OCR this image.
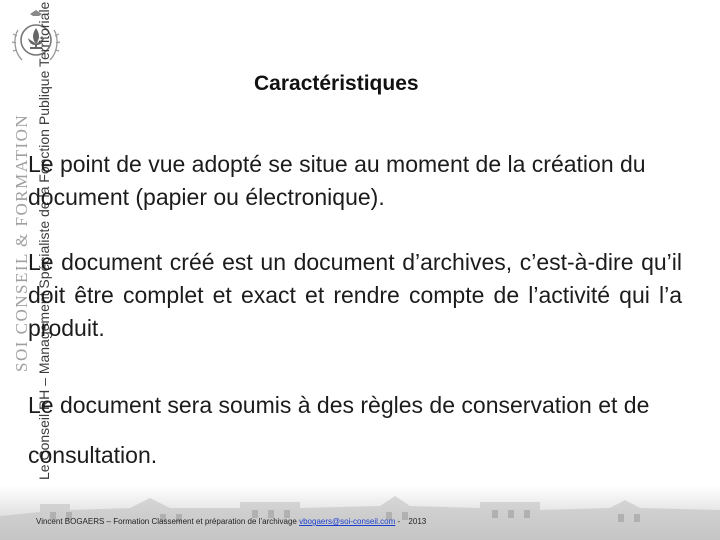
SOI CONSEIL & FORMATION Le Conseil RH – Management Spécialiste de la Fonction Publique Territoriale	Caractéristiques

Le point de vue adopté se situe au moment de la création du document (papier ou électronique).

Le document créé est un document d’archives, c’est-à-dire qu’il doit être complet et exact et rendre compte de l’activité qui l’a produit.

Le document sera soumis à des règles de conservation et de consultation.

Vincent BOGAERS – Formation Classement et préparation de l’archivage vbogaers@soi-conseil.com - 2013
